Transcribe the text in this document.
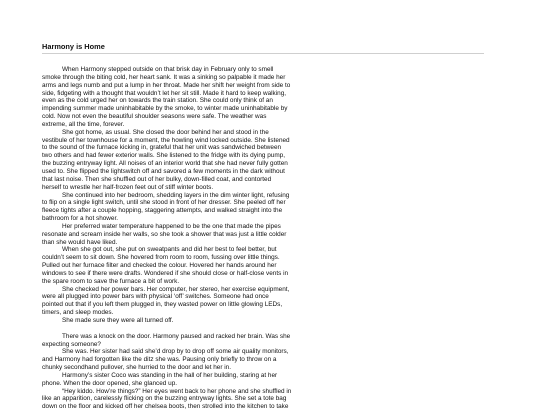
Harmony is Home
When Harmony stepped outside on that brisk day in February only to smell
smoke through the biting cold, her heart sank. It was a sinking so palpable it made her
arms and legs numb and put a lump in her throat. Made her shift her weight from side to
side, fidgeting with a thought that wouldn’t let her sit still. Made it hard to keep walking,
even as the cold urged her on towards the train station. She could only think of an
impending summer made uninhabitable by the smoke, to winter made uninhabitable by
cold. Now not even the beautiful shoulder seasons were safe. The weather was
extreme, all the time, forever.
She got home, as usual. She closed the door behind her and stood in the
vestibule of her townhouse for a moment, the howling wind locked outside. She listened
to the sound of the furnace kicking in, grateful that her unit was sandwiched between
two others and had fewer exterior walls. She listened to the fridge with its dying pump,
the buzzing entryway light. All noises of an interior world that she had never fully gotten
used to. She flipped the lightswitch off and savored a few moments in the dark without
that last noise. Then she shuffled out of her bulky, down-filled coat, and contorted
herself to wrestle her half-frozen feet out of stiff winter boots.
She continued into her bedroom, shedding layers in the dim winter light, refusing
to flip on a single light switch, until she stood in front of her dresser. She peeled off her
fleece tights after a couple hopping, staggering attempts, and walked straight into the
bathroom for a hot shower.
Her preferred water temperature happened to be the one that made the pipes
resonate and scream inside her walls, so she took a shower that was just a little colder
than she would have liked.
When she got out, she put on sweatpants and did her best to feel better, but
couldn’t seem to sit down. She hovered from room to room, fussing over little things.
Pulled out her furnace filter and checked the colour. Hovered her hands around her
windows to see if there were drafts. Wondered if she should close or half-close vents in
the spare room to save the furnace a bit of work.
She checked her power bars. Her computer, her stereo, her exercise equipment,
were all plugged into power bars with physical ‘off’ switches. Someone had once
pointed out that if you left them plugged in, they wasted power on little glowing LEDs,
timers, and sleep modes.
She made sure they were all turned off.
There was a knock on the door. Harmony paused and racked her brain. Was she
expecting someone?
She was. Her sister had said she’d drop by to drop off some air quality monitors,
and Harmony had forgotten like the ditz she was. Pausing only briefly to throw on a
chunky secondhand pullover, she hurried to the door and let her in.
Harmony’s sister Coco was standing in the hall of her building, staring at her
phone. When the door opened, she glanced up.
“Hey kiddo. How’re things?” Her eyes went back to her phone and she shuffled in
like an apparition, carelessly flicking on the buzzing entryway lights. She set a tote bag
down on the floor and kicked off her chelsea boots, then strolled into the kitchen to take
